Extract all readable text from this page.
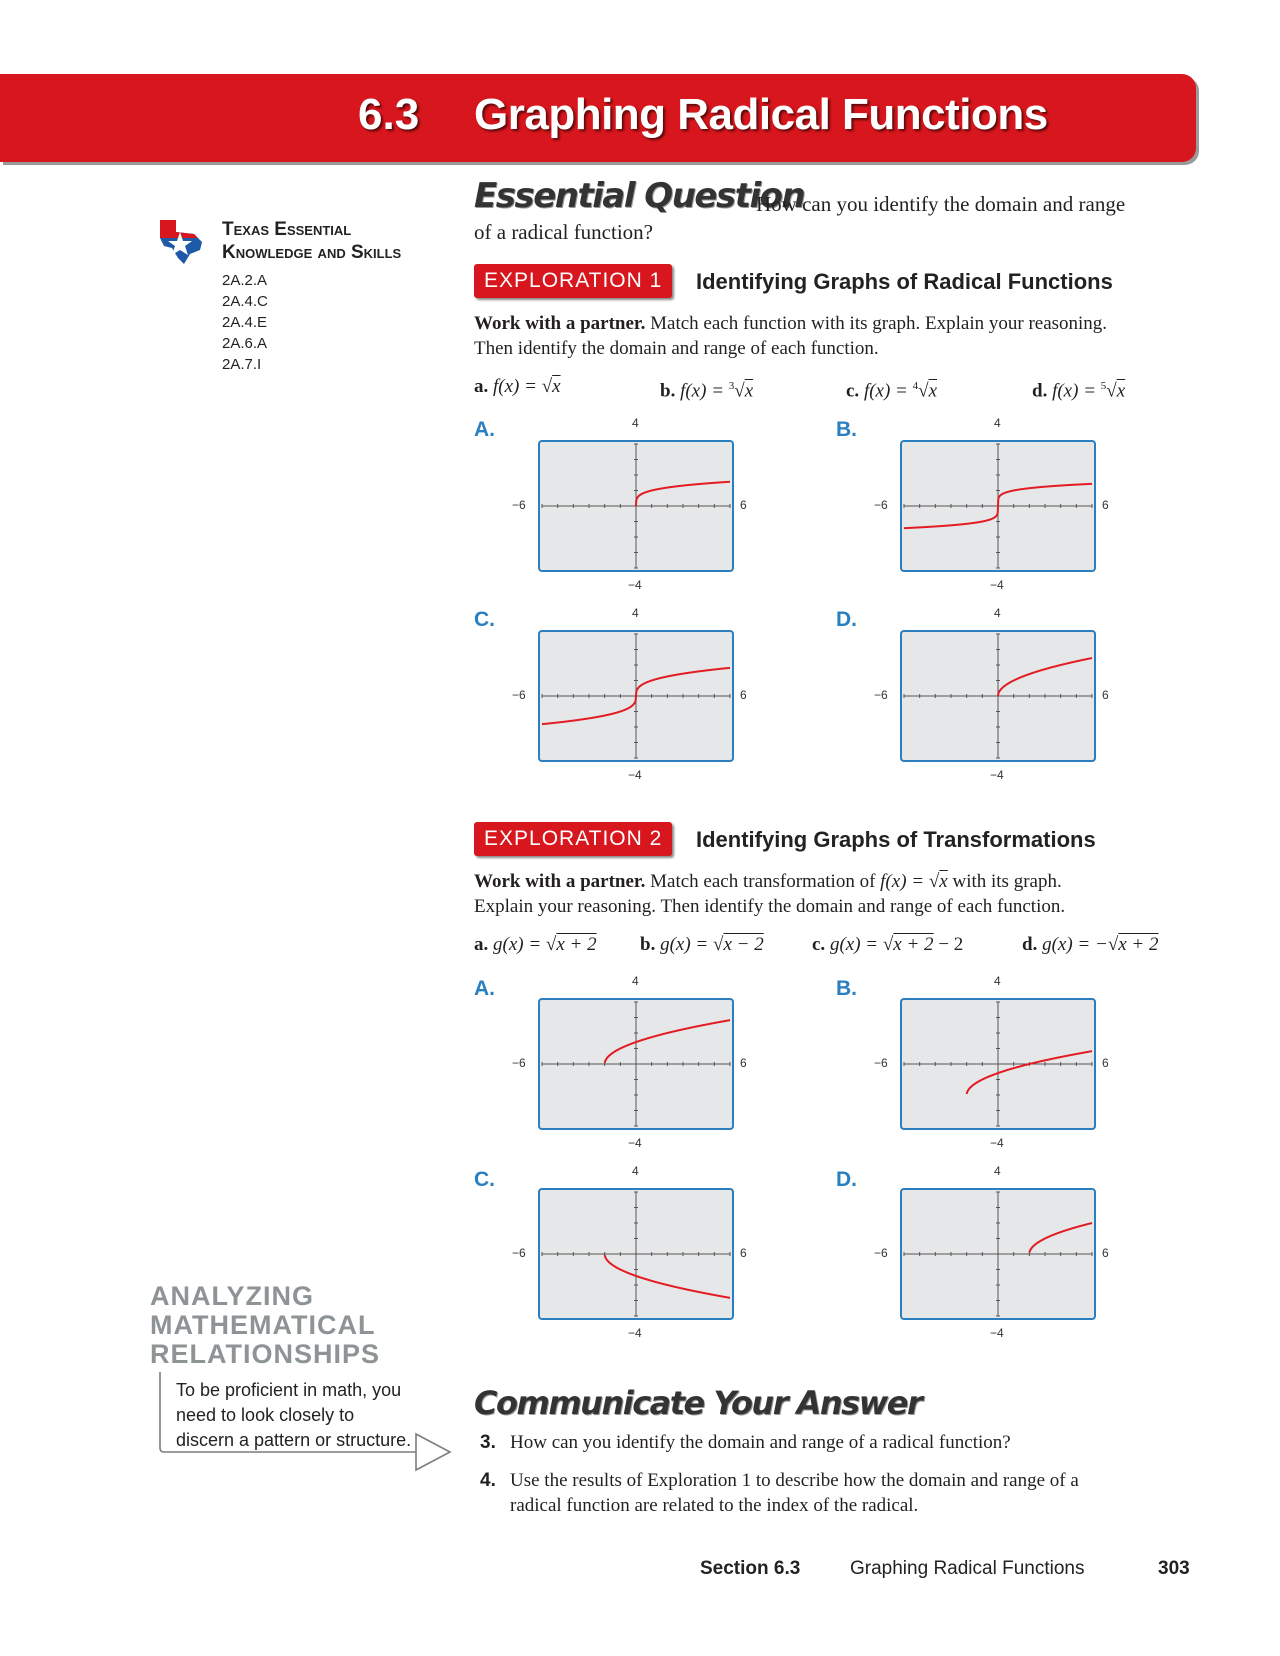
6.3 Graphing Radical Functions
Texas Essential
Knowledge and Skills
2A.2.A
2A.4.C
2A.4.E
2A.6.A
2A.7.I
Essential Question
How can you identify the domain and range
of a radical function?
EXPLORATION 1	Identifying Graphs of Radical Functions
Work with a partner. Match each function with its graph. Explain your reasoning.
Then identify the domain and range of each function.
a. f(x) = √x	b. f(x) = $^3$√x	c. f(x) = $^4$√x	d. f(x) = $^5$√x
A.	B.
C.	D.
4
−4
−6	6
4
−4
−6	6
4
−4
−6	6
4
−4
−6	6
EXPLORATION 2	Identifying Graphs of Transformations
Work with a partner. Match each transformation of f(x) = √x with its graph.
Explain your reasoning. Then identify the domain and range of each function.
a. g(x) = √x + 2 b. g(x) = √x − 2	c. g(x) = √x + 2 − 2	d. g(x) = −√x + 2
A.	B.
C.	D.
4
−4
−6	6
4
−4
−6	6
4
−4
−6	6
4
−4
−6	6
ANALYZING
MATHEMATICAL
RELATIONSHIPS
To be proficient in math, you need to look closely to discern a pattern or structure.
Communicate Your Answer
3. How can you identify the domain and range of a radical function?
4. Use the results of Exploration 1 to describe how the domain and range of a
radical function are related to the index of the radical.
Section 6.3	Graphing Radical Functions	303
